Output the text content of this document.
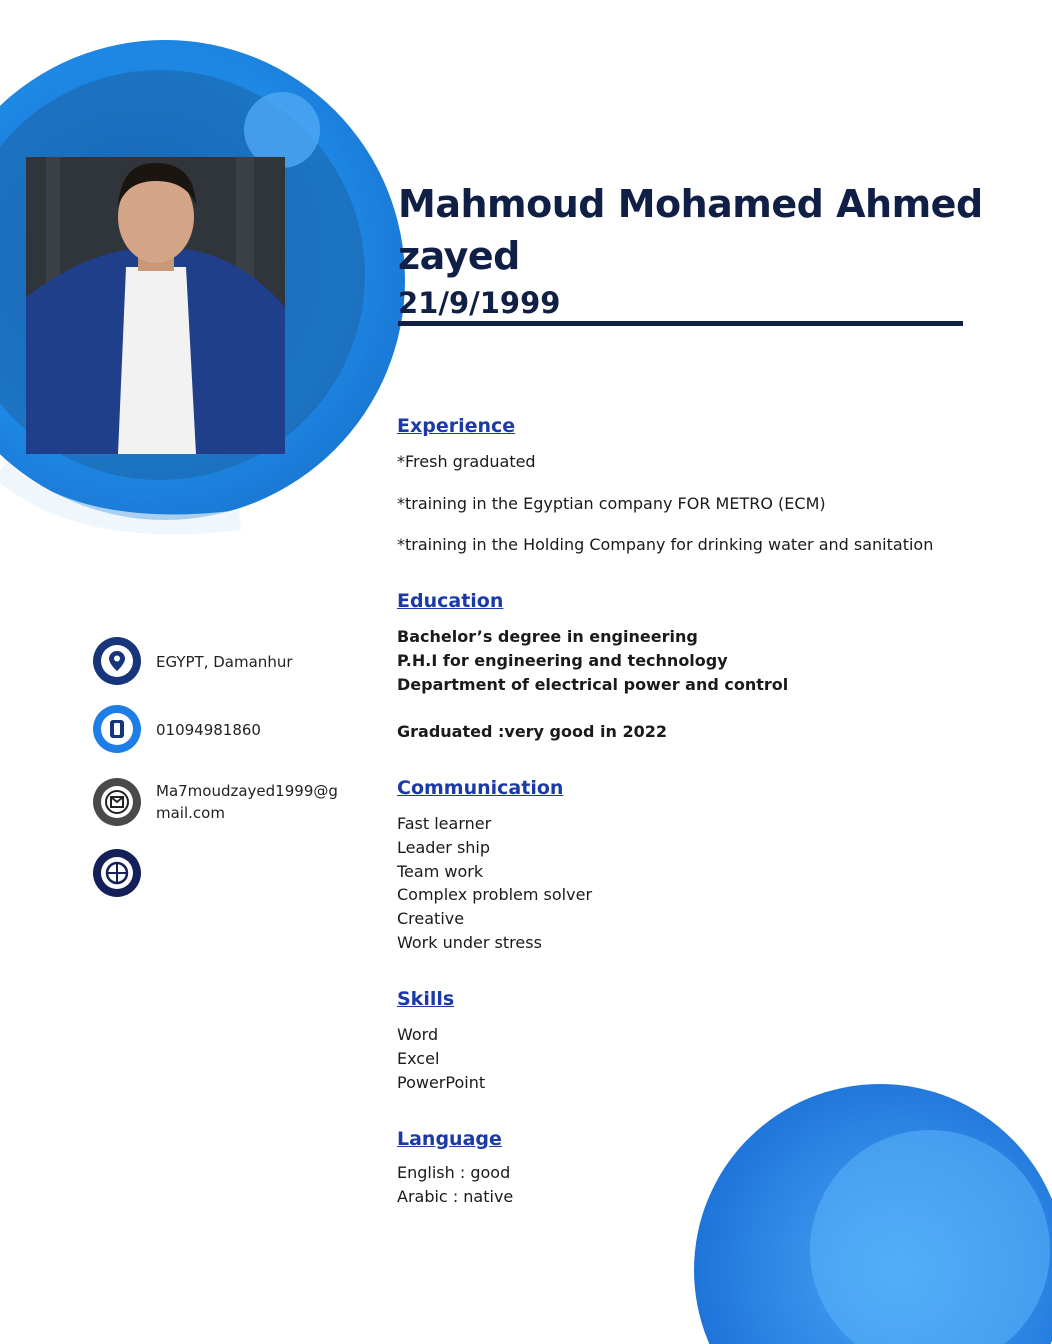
Mahmoud Mohamed Ahmed
zayed

21/9/1999

EGYPT, Damanhur

01094981860

Ma7moudzayed1999@g
mail.com

Experience

*Fresh graduated

*training in the Egyptian company FOR METRO (ECM)

*training in the Holding Company for drinking water and sanitation

Education

Bachelor’s degree in engineering

P.H.I for engineering and technology

Department of electrical power and control

Graduated :very good in 2022

Communication

Fast learner

Leader ship

Team work

Complex problem solver

Creative

Work under stress

Skills

Word

Excel

PowerPoint

Language

English : good

Arabic : native
